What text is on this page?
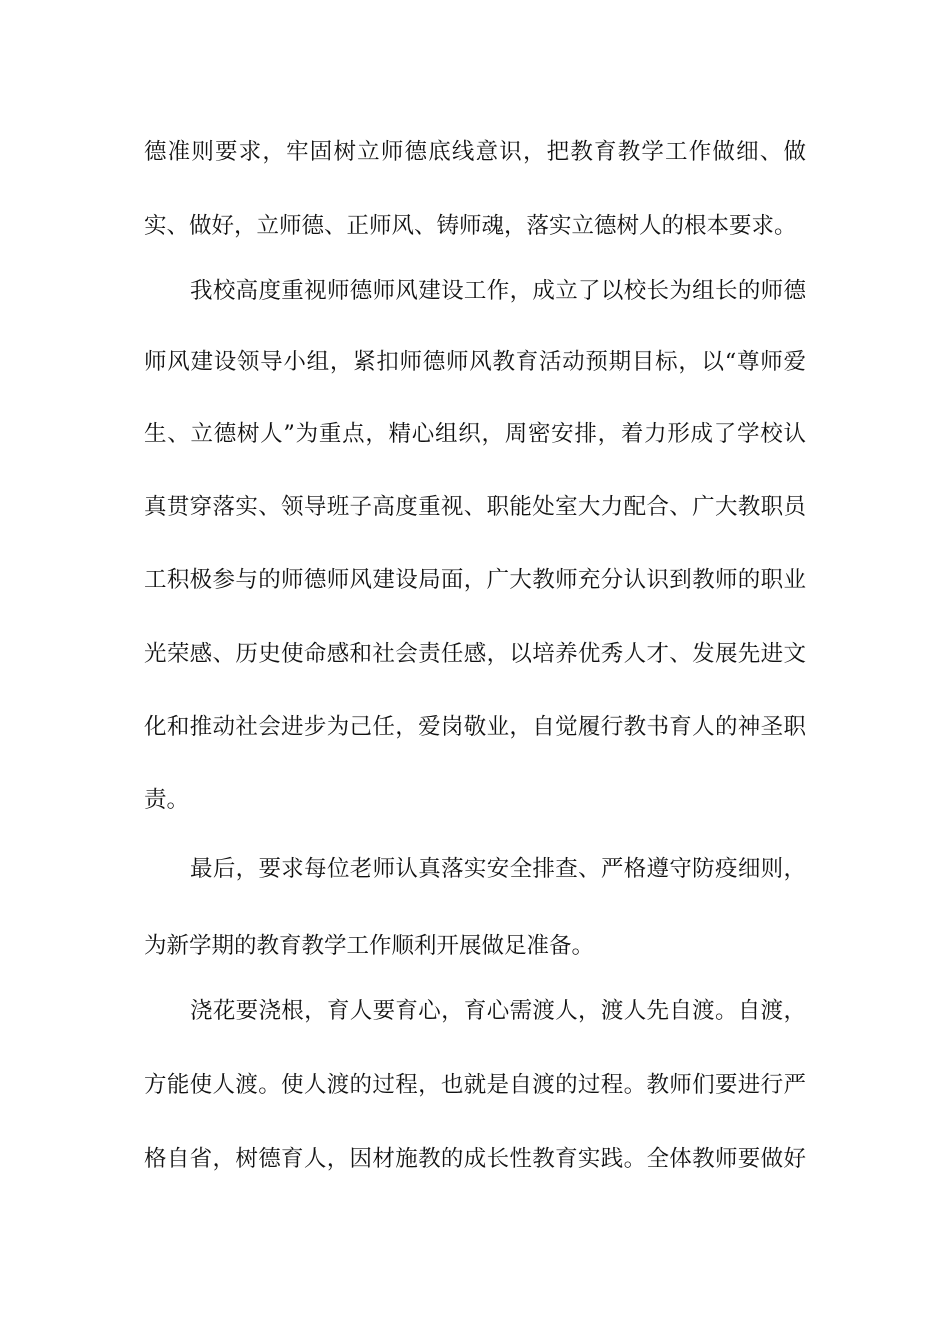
德准则要求，牢固树立师德底线意识，把教育教学工作做细、做
实、做好，立师德、正师风、铸师魂，落实立德树人的根本要求。
我校高度重视师德师风建设工作，成立了以校长为组长的师德
师风建设领导小组，紧扣师德师风教育活动预期目标，以“尊师爱
生、立德树人”为重点，精心组织，周密安排，着力形成了学校认
真贯穿落实、领导班子高度重视、职能处室大力配合、广大教职员
工积极参与的师德师风建设局面，广大教师充分认识到教师的职业
光荣感、历史使命感和社会责任感，以培养优秀人才、发展先进文
化和推动社会进步为己任，爱岗敬业，自觉履行教书育人的神圣职
责。
最后，要求每位老师认真落实安全排查、严格遵守防疫细则，
为新学期的教育教学工作顺利开展做足准备。
浇花要浇根，育人要育心，育心需渡人，渡人先自渡。自渡，
方能使人渡。使人渡的过程，也就是自渡的过程。教师们要进行严
格自省，树德育人，因材施教的成长性教育实践。全体教师要做好
